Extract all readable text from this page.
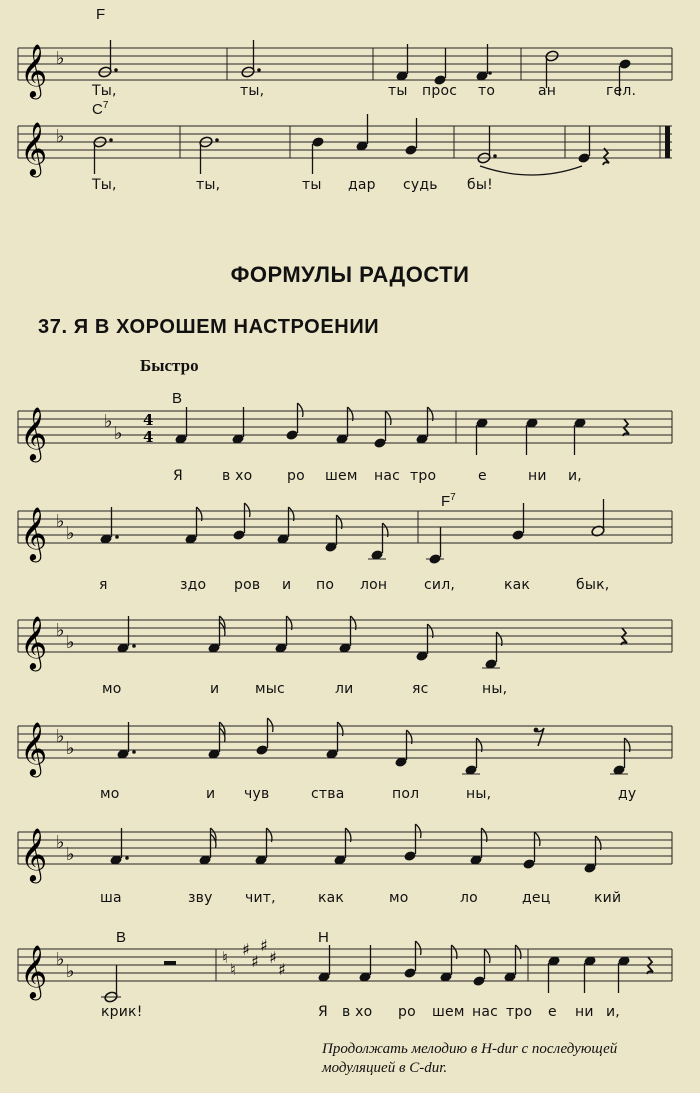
F
𝄞 ♭
Ты,	ты,	ты прос то	ан	гел.
$C^7$
𝄞 ♭
Ты,	ты,	ты дар судь бы!
ФОРМУЛЫ РАДОСТИ
37. Я В ХОРОШЕМ НАСТРОЕНИИ
Быстро
B
𝄞	♭
♭
4
4
Я	в хо ро шем нас тро	е	ни и,
$F^7$
𝄞 ♭
♭
я	здо ров и по лон	сил,	как	бык,
𝄞 ♭
♭
мо	и	мыс	ли	яс	ны,
𝄞 ♭
♭
мо	и чув	ства	пол	ны,	ду
𝄞 ♭
♭
ша	зву чит,	как	мо	ло	дец	кий
B	H
𝄞 ♭
♭
♮
♮
♯
♯
♯
♯
♯
крик!	Я в хо ро шем нас тро е ни и,
Продолжать мелодию в H-dur с последующей
модуляцией в C-dur.
